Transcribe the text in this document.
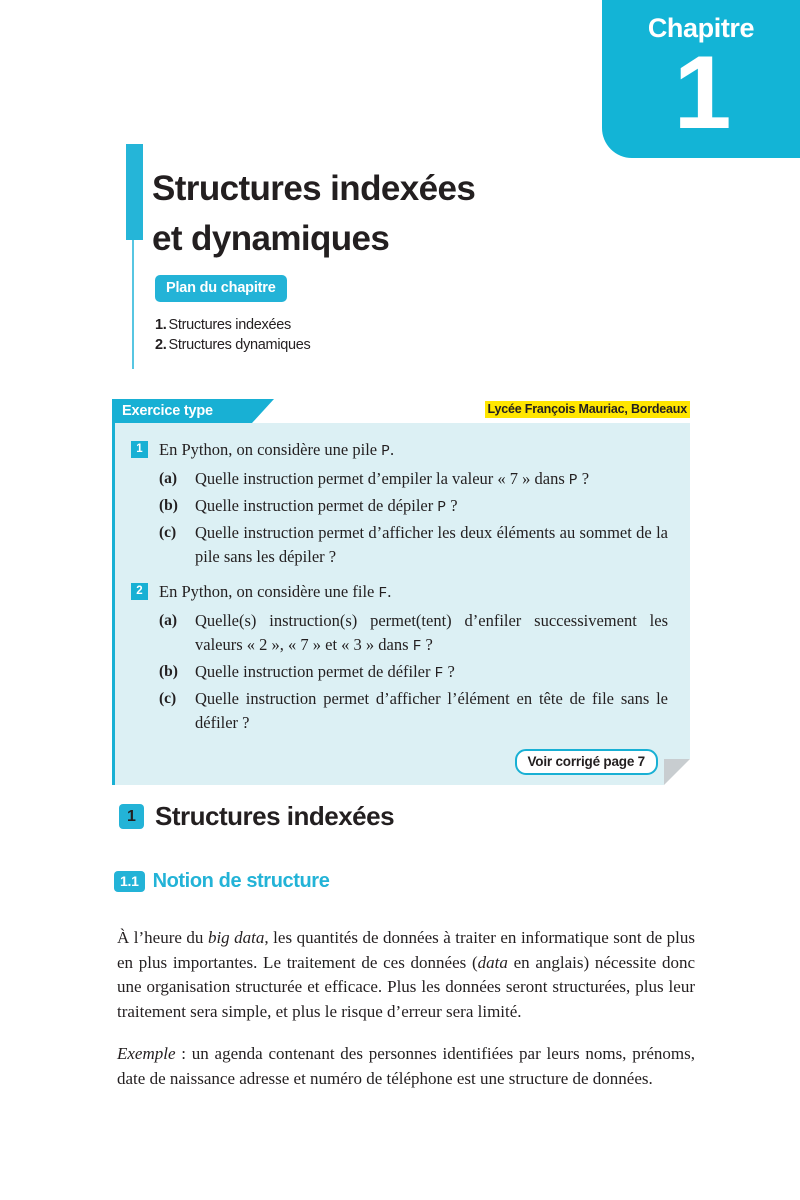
Chapitre
1
Structures indexées
et dynamiques
Plan du chapitre
1. Structures indexées
2. Structures dynamiques
Exercice type	Lycée François Mauriac, Bordeaux
1 En Python, on considère une pile P.
(a)	Quelle instruction permet d’empiler la valeur « 7 » dans P ?
(b)	Quelle instruction permet de dépiler P ?
(c)	Quelle instruction permet d’afficher les deux éléments au sommet de la pile sans les dépiler ?
2 En Python, on considère une file F.
(a)	Quelle(s) instruction(s) permet(tent) d’enfiler successivement les valeurs « 2 », « 7 » et « 3 » dans F ?
(b)	Quelle instruction permet de défiler F ?
(c)	Quelle instruction permet d’afficher l’élément en tête de file sans le défiler ?
Voir corrigé page 7
1 Structures indexées
1.1 Notion de structure

À l’heure du big data, les quantités de données à traiter en informatique sont de plus en plus importantes. Le traitement de ces données (data en anglais) nécessite donc une organisation structurée et efficace. Plus les données seront structurées, plus leur traitement sera simple, et plus le risque d’erreur sera limité.

Exemple : un agenda contenant des personnes identifiées par leurs noms, prénoms, date de naissance adresse et numéro de téléphone est une structure de données.
